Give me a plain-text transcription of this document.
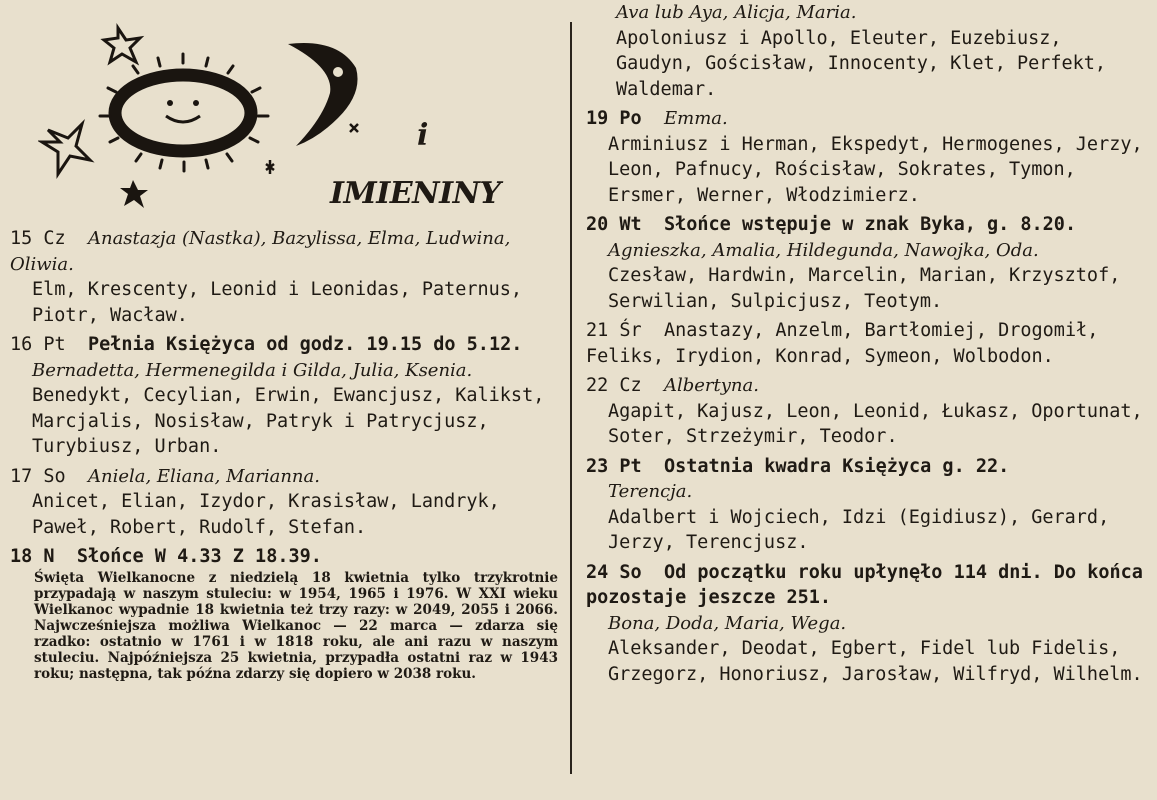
i
IMIENINY
15 Cz Anastazja (Nastka), Bazylissa, Elma, Ludwina, Oliwia.
Elm, Krescenty, Leonid i Leonidas, Paternus, Piotr, Wacław.
16 Pt Pełnia Księżyca od godz. 19.15 do 5.12.
Bernadetta, Hermenegilda i Gilda, Julia, Ksenia.
Benedykt, Cecylian, Erwin, Ewancjusz, Kalikst, Marcjalis, Nosisław, Patryk i Patrycjusz, Turybiusz, Urban.
17 So Aniela, Eliana, Marianna.
Anicet, Elian, Izydor, Krasisław, Landryk, Paweł, Robert, Rudolf, Stefan.
18 N Słońce W 4.33 Z 18.39.
Święta Wielkanocne z niedzielą 18 kwietnia tylko trzykrotnie przypadają w naszym stuleciu: w 1954, 1965 i 1976. W XXI wieku Wielkanoc wypadnie 18 kwietnia też trzy razy: w 2049, 2055 i 2066. Najwcześniejsza możliwa Wielkanoc — 22 marca — zdarza się rzadko: ostatnio w 1761 i w 1818 roku, ale ani razu w naszym stuleciu. Najpóźniejsza 25 kwietnia, przypadła ostatni raz w 1943 roku; następna, tak późna zdarzy się dopiero w 2038 roku.
Ava lub Aya, Alicja, Maria.
Apoloniusz i Apollo, Eleuter, Euzebiusz, Gaudyn, Gościsław, Innocenty, Klet, Perfekt, Waldemar.
19 Po Emma.
Arminiusz i Herman, Ekspedyt, Hermogenes, Jerzy, Leon, Pafnucy, Rościsław, Sokrates, Tymon, Ersmer, Werner, Włodzimierz.
20 Wt Słońce wstępuje w znak Byka, g. 8.20.
Agnieszka, Amalia, Hildegunda, Nawojka, Oda.
Czesław, Hardwin, Marcelin, Marian, Krzysztof, Serwilian, Sulpicjusz, Teotym.
21 Śr Anastazy, Anzelm, Bartłomiej, Drogomił, Feliks, Irydion, Konrad, Symeon, Wolbodon.
22 Cz Albertyna.
Agapit, Kajusz, Leon, Leonid, Łukasz, Oportunat, Soter, Strzeżymir, Teodor.
23 Pt Ostatnia kwadra Księżyca g. 22.
Terencja.
Adalbert i Wojciech, Idzi (Egidiusz), Gerard, Jerzy, Terencjusz.
24 So Od początku roku upłynęło 114 dni. Do końca pozostaje jeszcze 251.
Bona, Doda, Maria, Wega.
Aleksander, Deodat, Egbert, Fidel lub Fidelis, Grzegorz, Honoriusz, Jarosław, Wilfryd, Wilhelm.
